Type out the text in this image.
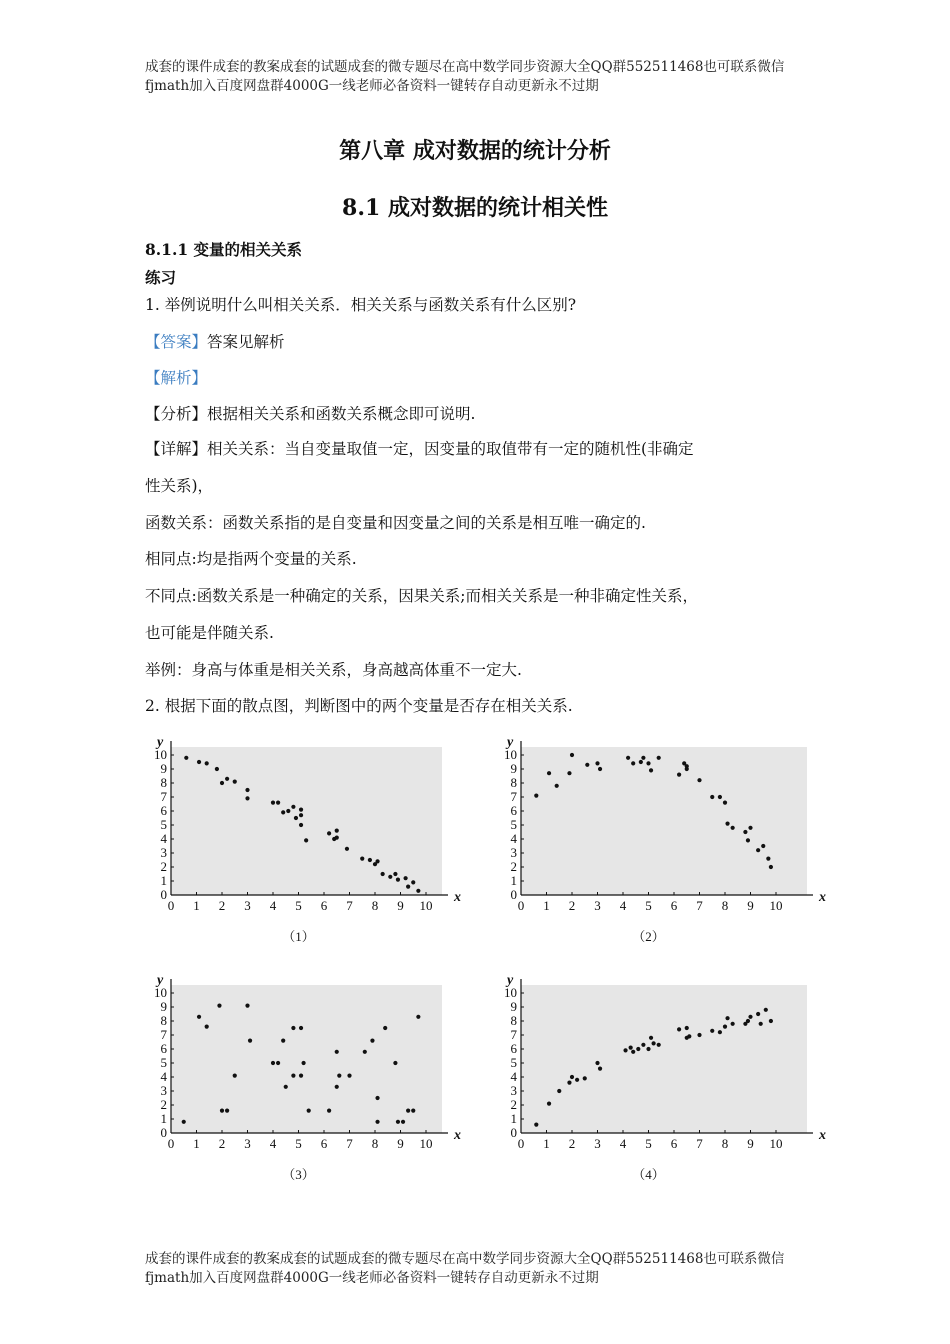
成套的课件成套的教案成套的试题成套的微专题尽在高中数学同步资源大全QQ群552511468也可联系微信fjmath加入百度网盘群4000G一线老师必备资料一键转存自动更新永不过期
第八章 成对数据的统计分析
8.1 成对数据的统计相关性
8.1.1 变量的相关关系
练习
1. 举例说明什么叫相关关系．相关关系与函数关系有什么区别?
【答案】答案见解析
【解析】
【分析】根据相关关系和函数关系概念即可说明.
【详解】相关关系：当自变量取值一定，因变量的取值带有一定的随机性(非确定
性关系)，
函数关系：函数关系指的是自变量和因变量之间的关系是相互唯一确定的.
相同点:均是指两个变量的关系.
不同点:函数关系是一种确定的关系，因果关系;而相关关系是一种非确定性关系，
也可能是伴随关系.
举例：身高与体重是相关关系，身高越高体重不一定大.
2. 根据下面的散点图，判断图中的两个变量是否存在相关关系.
0
0
1
1
2
2
3
3
4
4
5
5
6
6
7
7
8
8
9
9
10
10
x
y
（1）
0
0
1
1
2
2
3
3
4
4
5
5
6
6
7
7
8
8
9
9
10
10
x
y
（2）
0
0
1
1
2
2
3
3
4
4
5
5
6
6
7
7
8
8
9
9
10
10
x
y
（3）
0
0
1
1
2
2
3
3
4
4
5
5
6
6
7
7
8
8
9
9
10
10
x
y
（4）
成套的课件成套的教案成套的试题成套的微专题尽在高中数学同步资源大全QQ群552511468也可联系微信fjmath加入百度网盘群4000G一线老师必备资料一键转存自动更新永不过期
